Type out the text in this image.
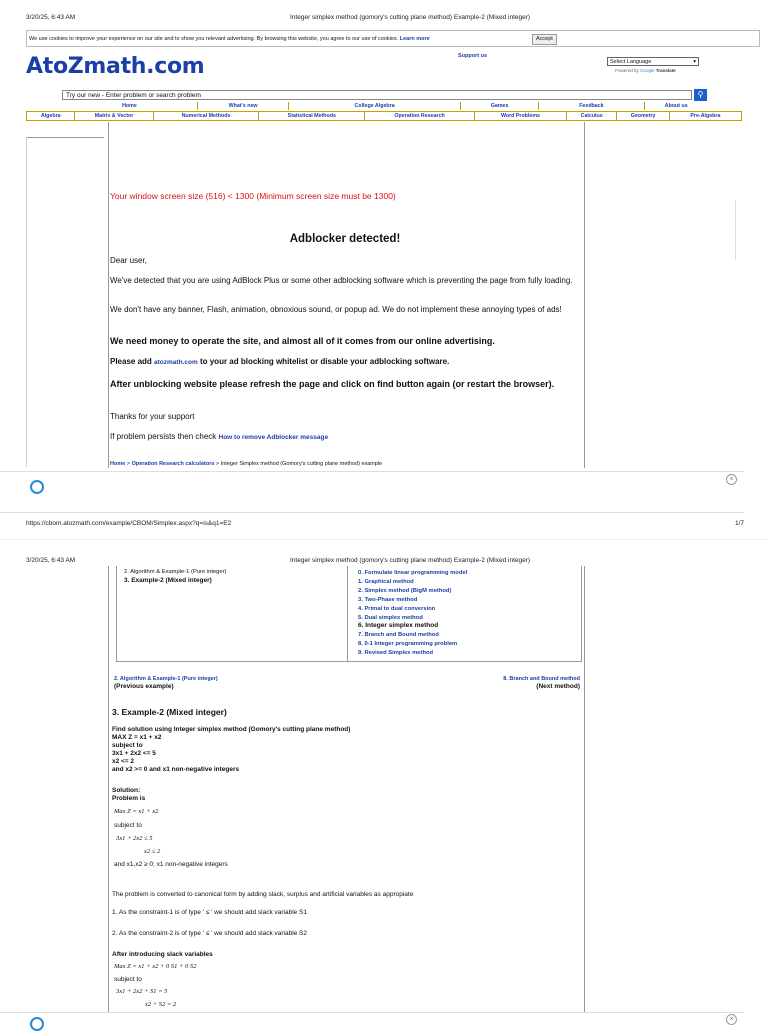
3/20/25, 6:43 AM	Integer simplex method (gomory's cutting plane method) Example-2 (Mixed integer)
We use cookies to improve your experience on our site and to show you relevant advertising. By browsing this website, you agree to our use of cookies. Learn more	Accept
Support us
AtoZmath.com	Select Language	▾
Powered by Google Translate
Try our new - Enter problem or search problem	⚲
Home	What's new	College Algebra	Games	Feedback	About us
Algebra	Matrix & Vector	Numerical Methods	Statistical Methods	Operation Research	Word Problems	Calculus	Geometry	Pre-Algebra
Your window screen size (516) < 1300 (Minimum screen size must be 1300)
Adblocker detected!
Dear user,
We've detected that you are using AdBlock Plus or some other adblocking software which is preventing the page from fully loading.
We don't have any banner, Flash, animation, obnoxious sound, or popup ad. We do not implement these annoying types of ads!
We need money to operate the site, and almost all of it comes from our online advertising.
Please add atozmath.com to your ad blocking whitelist or disable your adblocking software.
After unblocking website please refresh the page and click on find button again (or restart the browser).
Thanks for your support
If problem persists then check How to remove Adblocker message
Home > Operation Research calculators > Integer Simplex method (Gomory's cutting plane method) example
×
https://cbom.atozmath.com/example/CBOM/Simplex.aspx?q=is&q1=E2	1/7
3/20/25, 6:43 AM	Integer simplex method (gomory's cutting plane method) Example-2 (Mixed integer)
2. Algorithm & Example-1 (Pure integer)
3. Example-2 (Mixed integer)
0. Formulate linear programming model
1. Graphical method
2. Simplex method (BigM method)
3. Two-Phase method
4. Primal to dual conversion
5. Dual simplex method
6. Integer simplex method
7. Branch and Bound method
8. 0-1 Integer programming problem
9. Revised Simplex method
2. Algorithm & Example-1 (Pure integer)
(Previous example)
8. Branch and Bound method
(Next method)
3. Example-2 (Mixed integer)
Find solution using Integer simplex method (Gomory's cutting plane method)
MAX Z = x1 + x2
subject to
3x1 + 2x2 <= 5
x2 <= 2
and x2 >= 0 and x1 non-negative integers
Solution:
Problem is
Max Z = x1 + x2
subject to
3x1 + 2x2 ≤ 5
x2 ≤ 2
and x1,x2 ≥ 0; x1 non-negative integers
The problem is converted to canonical form by adding slack, surplus and artificial variables as appropiate
1. As the constraint-1 is of type ' ≤ ' we should add slack variable S1
2. As the constraint-2 is of type ' ≤ ' we should add slack variable S2
After introducing slack variables
Max Z = x1 + x2 + 0 S1 + 0 S2
subject to
3x1 + 2x2 + S1 = 5
x2 + S2 = 2
×
